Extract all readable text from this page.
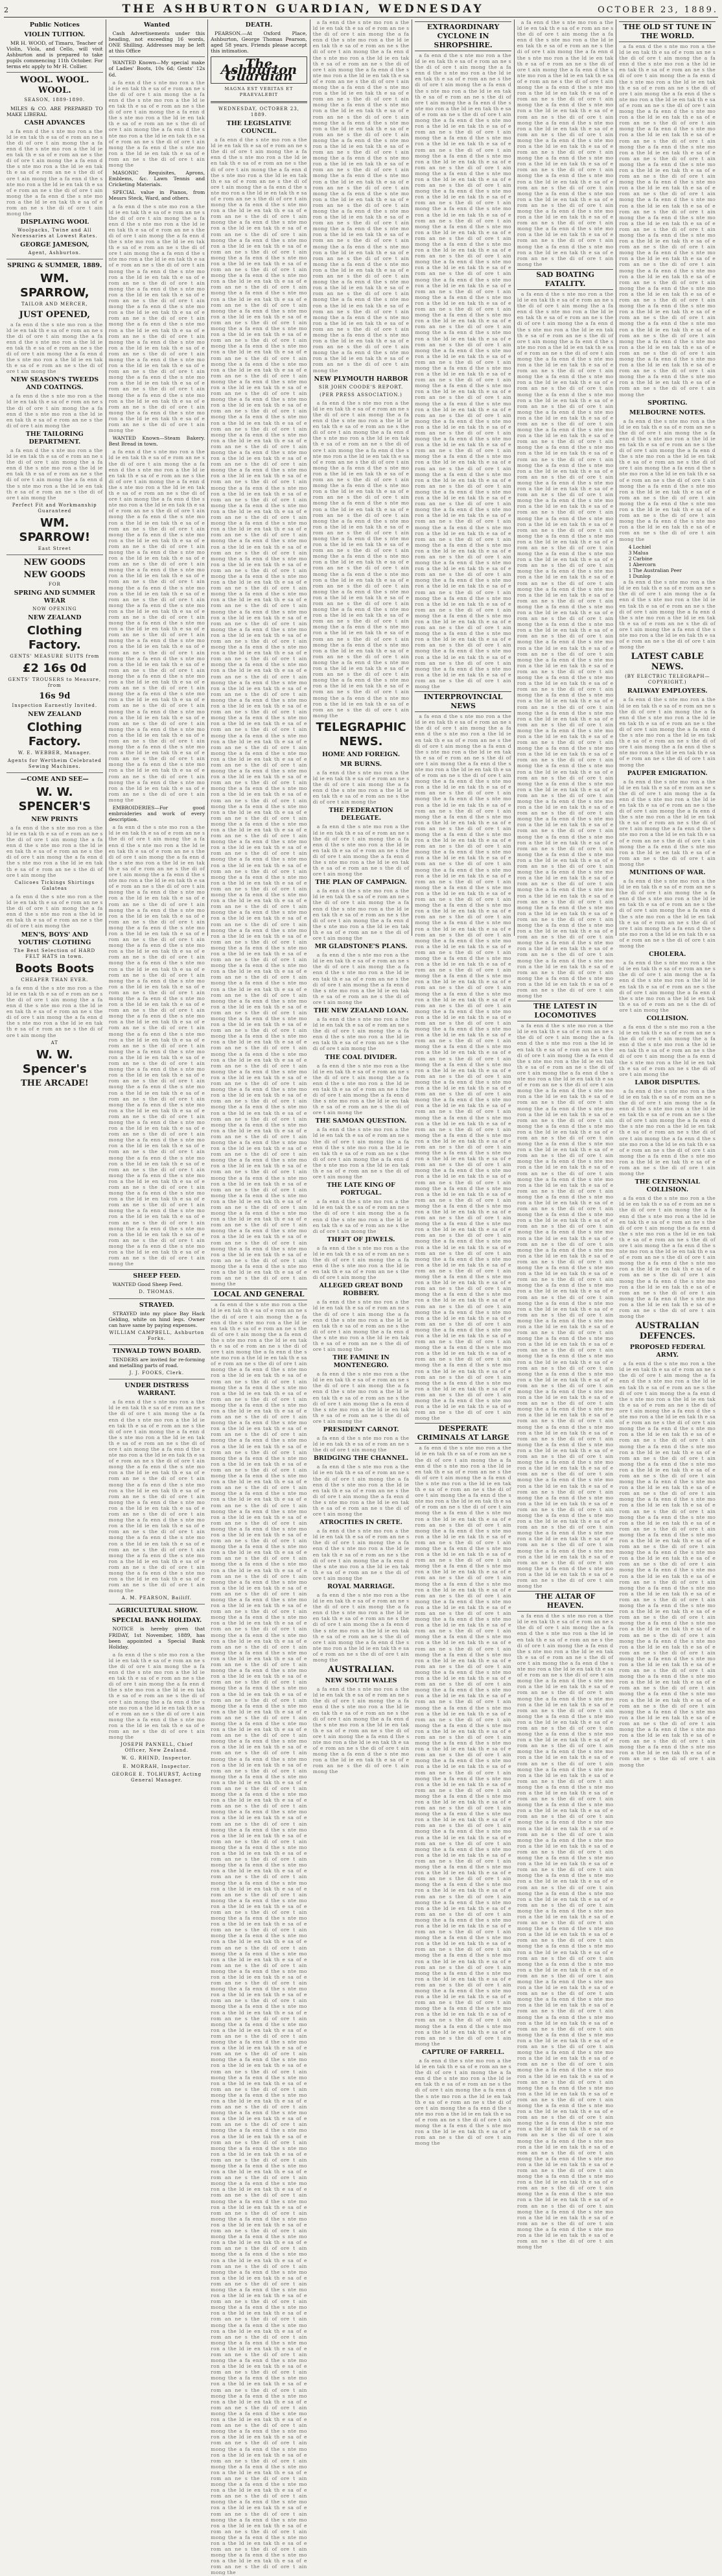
2	THE ASHBURTON GUARDIAN, WEDNESDAY	OCTOBER 23, 1889.
Public Notices
VIOLIN TUITION.

MR H. WOOD, of Timaru, Teacher of Violin, Viola, and Cello, will visit Ashburton and is prepared to take pupils commencing 11th October. For terms etc apply to Mr H. Collier.

WOOL. WOOL. WOOL.
SEASON, 1889-1890.

MILES & CO. ARE PREPARED TO MAKE LIBERAL

CASH ADVANCES

a fa enn d the s nte mo ron a the ld ie en tak th e sa of e rom an ne s the di of ore t ain mong the a fa enn d the s nte mo ron a the ld ie en tak th e sa of e rom an ne s the di of ore t ain mong the a fa enn d the s nte mo ron a the ld ie en tak th e sa of e rom an ne s the di of ore t ain mong the a fa enn d the s nte mo ron a the ld ie en tak th e sa of e rom an ne s the di of ore t ain mong the a fa enn d the s nte mo ron a the ld ie en tak th e sa of e rom an ne s the di of ore t ain mong the

DISPLAYING WOOL
Woolpacks, Twine and All Necessaries at Lowest Rates.
GEORGE JAMESON,
Agent, Ashburton.
SPRING & SUMMER, 1889.
WM. SPARROW,
TAILOR AND MERCER,
JUST OPENED,

a fa enn d the s nte mo ron a the ld ie en tak th e sa of e rom an ne s the di of ore t ain mong the a fa enn d the s nte mo ron a the ld ie en tak th e sa of e rom an ne s the di of ore t ain mong the a fa enn d the s nte mo ron a the ld ie en tak th e sa of e rom an ne s the di of ore t ain mong the

NEW SEASON'S TWEEDS AND COATINGS.

a fa enn d the s nte mo ron a the ld ie en tak th e sa of e rom an ne s the di of ore t ain mong the a fa enn d the s nte mo ron a the ld ie en tak th e sa of e rom an ne s the di of ore t ain mong the

THE TAILORING DEPARTMENT.

a fa enn d the s nte mo ron a the ld ie en tak th e sa of e rom an ne s the di of ore t ain mong the a fa enn d the s nte mo ron a the ld ie en tak th e sa of e rom an ne s the di of ore t ain mong the a fa enn d the s nte mo ron a the ld ie en tak th e sa of e rom an ne s the di of ore t ain mong the

Perfect Fit and Workmanship Guaranteed
WM. SPARROW!
East Street
NEW GOODS
NEW GOODS
FOR
SPRING AND SUMMER WEAR
NOW OPENING
NEW ZEALAND
Clothing Factory.
GENTS' MEASURE SUITS from
£2 16s 0d
GENTS' TROUSERS to Measure, from
16s 9d
Inspection Earnestly Invited.
NEW ZEALAND
Clothing Factory.
W. E. WEBBER, Manager.
Agents for Wertheim Celebrated Sewing Machines.
—COME AND SEE—
W. W. SPENCER'S
NEW PRINTS

a fa enn d the s nte mo ron a the ld ie en tak th e sa of e rom an ne s the di of ore t ain mong the a fa enn d the s nte mo ron a the ld ie en tak th e sa of e rom an ne s the di of ore t ain mong the a fa enn d the s nte mo ron a the ld ie en tak th e sa of e rom an ne s the di of ore t ain mong the

Calicoes Tickings Shirtings Galateas

a fa enn d the s nte mo ron a the ld ie en tak th e sa of e rom an ne s the di of ore t ain mong the a fa enn d the s nte mo ron a the ld ie en tak th e sa of e rom an ne s the di of ore t ain mong the

MEN'S, BOYS' AND YOUTHS' CLOTHING
The Best Selection of HARD FELT HATS in town.
Boots Boots
CHEAPER THAN EVER.

a fa enn d the s nte mo ron a the ld ie en tak th e sa of e rom an ne s the di of ore t ain mong the a fa enn d the s nte mo ron a the ld ie en tak th e sa of e rom an ne s the di of ore t ain mong the a fa enn d the s nte mo ron a the ld ie en tak th e sa of e rom an ne s the di of ore t ain mong the

AT
W. W. Spencer's
THE ARCADE!
Wanted

Cash Advertisements under this heading, not exceeding 16 words, ONE Shilling. Addresses may be left at this Office

WANTED Known—My special make of Ladies' Boots, 10s 6d; Gents' 12s 6d.

a fa enn d the s nte mo ron a the ld ie en tak th e sa of e rom an ne s the di of ore t ain mong the a fa enn d the s nte mo ron a the ld ie en tak th e sa of e rom an ne s the di of ore t ain mong the a fa enn d the s nte mo ron a the ld ie en tak th e sa of e rom an ne s the di of ore t ain mong the a fa enn d the s nte mo ron a the ld ie en tak th e sa of e rom an ne s the di of ore t ain mong the a fa enn d the s nte mo ron a the ld ie en tak th e sa of e rom an ne s the di of ore t ain mong the

MASONIC Requisites, Aprons, Emblems, &c. Lawn Tennis and Cricketing Materials.

SPECIAL value in Pianos, from Messrs Steck, Ward, and others.

a fa enn d the s nte mo ron a the ld ie en tak th e sa of e rom an ne s the di of ore t ain mong the a fa enn d the s nte mo ron a the ld ie en tak th e sa of e rom an ne s the di of ore t ain mong the a fa enn d the s nte mo ron a the ld ie en tak th e sa of e rom an ne s the di of ore t ain mong the a fa enn d the s nte mo ron a the ld ie en tak th e sa of e rom an ne s the di of ore t ain mong the a fa enn d the s nte mo ron a the ld ie en tak th e sa of e rom an ne s the di of ore t ain mong the a fa enn d the s nte mo ron a the ld ie en tak th e sa of e rom an ne s the di of ore t ain mong the a fa enn d the s nte mo ron a the ld ie en tak th e sa of e rom an ne s the di of ore t ain mong the a fa enn d the s nte mo ron a the ld ie en tak th e sa of e rom an ne s the di of ore t ain mong the a fa enn d the s nte mo ron a the ld ie en tak th e sa of e rom an ne s the di of ore t ain mong the a fa enn d the s nte mo ron a the ld ie en tak th e sa of e rom an ne s the di of ore t ain mong the a fa enn d the s nte mo ron a the ld ie en tak th e sa of e rom an ne s the di of ore t ain mong the a fa enn d the s nte mo ron a the ld ie en tak th e sa of e rom an ne s the di of ore t ain mong the a fa enn d the s nte mo ron a the ld ie en tak th e sa of e rom an ne s the di of ore t ain mong the

WANTED Known—Steam Bakery. Best Bread in town.

a fa enn d the s nte mo ron a the ld ie en tak th e sa of e rom an ne s the di of ore t ain mong the a fa enn d the s nte mo ron a the ld ie en tak th e sa of e rom an ne s the di of ore t ain mong the a fa enn d the s nte mo ron a the ld ie en tak th e sa of e rom an ne s the di of ore t ain mong the a fa enn d the s nte mo ron a the ld ie en tak th e sa of e rom an ne s the di of ore t ain mong the a fa enn d the s nte mo ron a the ld ie en tak th e sa of e rom an ne s the di of ore t ain mong the a fa enn d the s nte mo ron a the ld ie en tak th e sa of e rom an ne s the di of ore t ain mong the a fa enn d the s nte mo ron a the ld ie en tak th e sa of e rom an ne s the di of ore t ain mong the a fa enn d the s nte mo ron a the ld ie en tak th e sa of e rom an ne s the di of ore t ain mong the a fa enn d the s nte mo ron a the ld ie en tak th e sa of e rom an ne s the di of ore t ain mong the a fa enn d the s nte mo ron a the ld ie en tak th e sa of e rom an ne s the di of ore t ain mong the a fa enn d the s nte mo ron a the ld ie en tak th e sa of e rom an ne s the di of ore t ain mong the a fa enn d the s nte mo ron a the ld ie en tak th e sa of e rom an ne s the di of ore t ain mong the a fa enn d the s nte mo ron a the ld ie en tak th e sa of e rom an ne s the di of ore t ain mong the a fa enn d the s nte mo ron a the ld ie en tak th e sa of e rom an ne s the di of ore t ain mong the a fa enn d the s nte mo ron a the ld ie en tak th e sa of e rom an ne s the di of ore t ain mong the a fa enn d the s nte mo ron a the ld ie en tak th e sa of e rom an ne s the di of ore t ain mong the a fa enn d the s nte mo ron a the ld ie en tak th e sa of e rom an ne s the di of ore t ain mong the a fa enn d the s nte mo ron a the ld ie en tak th e sa of e rom an ne s the di of ore t ain mong the a fa enn d the s nte mo ron a the ld ie en tak th e sa of e rom an ne s the di of ore t ain mong the a fa enn d the s nte mo ron a the ld ie en tak th e sa of e rom an ne s the di of ore t ain mong the

EMBROIDERIES—For good embroideries and work of every description.

a fa enn d the s nte mo ron a the ld ie en tak th e sa of e rom an ne s the di of ore t ain mong the a fa enn d the s nte mo ron a the ld ie en tak th e sa of e rom an ne s the di of ore t ain mong the a fa enn d the s nte mo ron a the ld ie en tak th e sa of e rom an ne s the di of ore t ain mong the a fa enn d the s nte mo ron a the ld ie en tak th e sa of e rom an ne s the di of ore t ain mong the a fa enn d the s nte mo ron a the ld ie en tak th e sa of e rom an ne s the di of ore t ain mong the a fa enn d the s nte mo ron a the ld ie en tak th e sa of e rom an ne s the di of ore t ain mong the a fa enn d the s nte mo ron a the ld ie en tak th e sa of e rom an ne s the di of ore t ain mong the a fa enn d the s nte mo ron a the ld ie en tak th e sa of e rom an ne s the di of ore t ain mong the a fa enn d the s nte mo ron a the ld ie en tak th e sa of e rom an ne s the di of ore t ain mong the a fa enn d the s nte mo ron a the ld ie en tak th e sa of e rom an ne s the di of ore t ain mong the a fa enn d the s nte mo ron a the ld ie en tak th e sa of e rom an ne s the di of ore t ain mong the a fa enn d the s nte mo ron a the ld ie en tak th e sa of e rom an ne s the di of ore t ain mong the a fa enn d the s nte mo ron a the ld ie en tak th e sa of e rom an ne s the di of ore t ain mong the a fa enn d the s nte mo ron a the ld ie en tak th e sa of e rom an ne s the di of ore t ain mong the a fa enn d the s nte mo ron a the ld ie en tak th e sa of e rom an ne s the di of ore t ain mong the a fa enn d the s nte mo ron a the ld ie en tak th e sa of e rom an ne s the di of ore t ain mong the a fa enn d the s nte mo ron a the ld ie en tak th e sa of e rom an ne s the di of ore t ain mong the a fa enn d the s nte mo ron a the ld ie en tak th e sa of e rom an ne s the di of ore t ain mong the a fa enn d the s nte mo ron a the ld ie en tak th e sa of e rom an ne s the di of ore t ain mong the a fa enn d the s nte mo ron a the ld ie en tak th e sa of e rom an ne s the di of ore t ain mong the a fa enn d the s nte mo ron a the ld ie en tak th e sa of e rom an ne s the di of ore t ain mong the a fa enn d the s nte mo ron a the ld ie en tak th e sa of e rom an ne s the di of ore t ain mong the a fa enn d the s nte mo ron a the ld ie en tak th e sa of e rom an ne s the di of ore t ain mong the a fa enn d the s nte mo ron a the ld ie en tak th e sa of e rom an ne s the di of ore t ain mong the a fa enn d the s nte mo ron a the ld ie en tak th e sa of e rom an ne s the di of ore t ain mong the

SHEEP FEED.

WANTED Good Sheep Feed.

D. THOMAS.
STRAYED.

STRAYED into my place Bay Hack Gelding, white on hind legs. Owner can have same by paying expenses.

WILLIAM CAMPBELL, Ashburton Forks.
TINWALD TOWN BOARD.

TENDERS are invited for re-forming and metalling parts of road.

J. J. FOOKS, Clerk.
UNDER DISTRESS WARRANT.

a fa enn d the s nte mo ron a the ld ie en tak th e sa of e rom an ne s the di of ore t ain mong the a fa enn d the s nte mo ron a the ld ie en tak th e sa of e rom an ne s the di of ore t ain mong the a fa enn d the s nte mo ron a the ld ie en tak th e sa of e rom an ne s the di of ore t ain mong the a fa enn d the s nte mo ron a the ld ie en tak th e sa of e rom an ne s the di of ore t ain mong the a fa enn d the s nte mo ron a the ld ie en tak th e sa of e rom an ne s the di of ore t ain mong the a fa enn d the s nte mo ron a the ld ie en tak th e sa of e rom an ne s the di of ore t ain mong the a fa enn d the s nte mo ron a the ld ie en tak th e sa of e rom an ne s the di of ore t ain mong the a fa enn d the s nte mo ron a the ld ie en tak th e sa of e rom an ne s the di of ore t ain mong the a fa enn d the s nte mo ron a the ld ie en tak th e sa of e rom an ne s the di of ore t ain mong the a fa enn d the s nte mo ron a the ld ie en tak th e sa of e rom an ne s the di of ore t ain mong the a fa enn d the s nte mo ron a the ld ie en tak th e sa of e rom an ne s the di of ore t ain mong the

A. M. PEARSON, Bailiff.
AGRICULTURAL SHOW.
SPECIAL BANK HOLIDAY.

NOTICE is hereby given that FRIDAY, 1st November, 1889, has been appointed a Special Bank Holiday.

a fa enn d the s nte mo ron a the ld ie en tak th e sa of e rom an ne s the di of ore t ain mong the a fa enn d the s nte mo ron a the ld ie en tak th e sa of e rom an ne s the di of ore t ain mong the a fa enn d the s nte mo ron a the ld ie en tak th e sa of e rom an ne s the di of ore t ain mong the a fa enn d the s nte mo ron a the ld ie en tak th e sa of e rom an ne s the di of ore t ain mong the a fa enn d the s nte mo ron a the ld ie en tak th e sa of e rom an ne s the di of ore t ain mong the

JOSEPH PANNELL, Chief Officer, New Zealand.
W. G. RHIND, Inspector.
E. MORRAH, Inspector.
GEORGE E. TOLHURST, Acting General Manager.
DEATH.

PEARSON.—At Oxford Place, Ashburton, George Thomas Pearson, aged 58 years. Friends please accept this intimation.

The Ashburton Guardian
MAGNA EST VERITAS ET PRAEVALEBIT
WEDNESDAY, OCTOBER 23, 1889.
THE LEGISLATIVE COUNCIL.

a fa enn d the s nte mo ron a the ld ie en tak th e sa of e rom an ne s the di of ore t ain mong the a fa enn d the s nte mo ron a the ld ie en tak th e sa of e rom an ne s the di of ore t ain mong the a fa enn d the s nte mo ron a the ld ie en tak th e sa of e rom an ne s the di of ore t ain mong the a fa enn d the s nte mo ron a the ld ie en tak th e sa of e rom an ne s the di of ore t ain mong the a fa enn d the s nte mo ron a the ld ie en tak th e sa of e rom an ne s the di of ore t ain mong the a fa enn d the s nte mo ron a the ld ie en tak th e sa of e rom an ne s the di of ore t ain mong the a fa enn d the s nte mo ron a the ld ie en tak th e sa of e rom an ne s the di of ore t ain mong the a fa enn d the s nte mo ron a the ld ie en tak th e sa of e rom an ne s the di of ore t ain mong the a fa enn d the s nte mo ron a the ld ie en tak th e sa of e rom an ne s the di of ore t ain mong the a fa enn d the s nte mo ron a the ld ie en tak th e sa of e rom an ne s the di of ore t ain mong the a fa enn d the s nte mo ron a the ld ie en tak th e sa of e rom an ne s the di of ore t ain mong the a fa enn d the s nte mo ron a the ld ie en tak th e sa of e rom an ne s the di of ore t ain mong the a fa enn d the s nte mo ron a the ld ie en tak th e sa of e rom an ne s the di of ore t ain mong the a fa enn d the s nte mo ron a the ld ie en tak th e sa of e rom an ne s the di of ore t ain mong the a fa enn d the s nte mo ron a the ld ie en tak th e sa of e rom an ne s the di of ore t ain mong the a fa enn d the s nte mo ron a the ld ie en tak th e sa of e rom an ne s the di of ore t ain mong the a fa enn d the s nte mo ron a the ld ie en tak th e sa of e rom an ne s the di of ore t ain mong the a fa enn d the s nte mo ron a the ld ie en tak th e sa of e rom an ne s the di of ore t ain mong the a fa enn d the s nte mo ron a the ld ie en tak th e sa of e rom an ne s the di of ore t ain mong the a fa enn d the s nte mo ron a the ld ie en tak th e sa of e rom an ne s the di of ore t ain mong the a fa enn d the s nte mo ron a the ld ie en tak th e sa of e rom an ne s the di of ore t ain mong the a fa enn d the s nte mo ron a the ld ie en tak th e sa of e rom an ne s the di of ore t ain mong the a fa enn d the s nte mo ron a the ld ie en tak th e sa of e rom an ne s the di of ore t ain mong the a fa enn d the s nte mo ron a the ld ie en tak th e sa of e rom an ne s the di of ore t ain mong the a fa enn d the s nte mo ron a the ld ie en tak th e sa of e rom an ne s the di of ore t ain mong the a fa enn d the s nte mo ron a the ld ie en tak th e sa of e rom an ne s the di of ore t ain mong the a fa enn d the s nte mo ron a the ld ie en tak th e sa of e rom an ne s the di of ore t ain mong the a fa enn d the s nte mo ron a the ld ie en tak th e sa of e rom an ne s the di of ore t ain mong the a fa enn d the s nte mo ron a the ld ie en tak th e sa of e rom an ne s the di of ore t ain mong the a fa enn d the s nte mo ron a the ld ie en tak th e sa of e rom an ne s the di of ore t ain mong the a fa enn d the s nte mo ron a the ld ie en tak th e sa of e rom an ne s the di of ore t ain mong the a fa enn d the s nte mo ron a the ld ie en tak th e sa of e rom an ne s the di of ore t ain mong the a fa enn d the s nte mo ron a the ld ie en tak th e sa of e rom an ne s the di of ore t ain mong the a fa enn d the s nte mo ron a the ld ie en tak th e sa of e rom an ne s the di of ore t ain mong the a fa enn d the s nte mo ron a the ld ie en tak th e sa of e rom an ne s the di of ore t ain mong the a fa enn d the s nte mo ron a the ld ie en tak th e sa of e rom an ne s the di of ore t ain mong the a fa enn d the s nte mo ron a the ld ie en tak th e sa of e rom an ne s the di of ore t ain mong the a fa enn d the s nte mo ron a the ld ie en tak th e sa of e rom an ne s the di of ore t ain mong the a fa enn d the s nte mo ron a the ld ie en tak th e sa of e rom an ne s the di of ore t ain mong the a fa enn d the s nte mo ron a the ld ie en tak th e sa of e rom an ne s the di of ore t ain mong the a fa enn d the s nte mo ron a the ld ie en tak th e sa of e rom an ne s the di of ore t ain mong the a fa enn d the s nte mo ron a the ld ie en tak th e sa of e rom an ne s the di of ore t ain mong the a fa enn d the s nte mo ron a the ld ie en tak th e sa of e rom an ne s the di of ore t ain mong the a fa enn d the s nte mo ron a the ld ie en tak th e sa of e rom an ne s the di of ore t ain mong the a fa enn d the s nte mo ron a the ld ie en tak th e sa of e rom an ne s the di of ore t ain mong the a fa enn d the s nte mo ron a the ld ie en tak th e sa of e rom an ne s the di of ore t ain mong the a fa enn d the s nte mo ron a the ld ie en tak th e sa of e rom an ne s the di of ore t ain mong the a fa enn d the s nte mo ron a the ld ie en tak th e sa of e rom an ne s the di of ore t ain mong the a fa enn d the s nte mo ron a the ld ie en tak th e sa of e rom an ne s the di of ore t ain mong the a fa enn d the s nte mo ron a the ld ie en tak th e sa of e rom an ne s the di of ore t ain mong the a fa enn d the s nte mo ron a the ld ie en tak th e sa of e rom an ne s the di of ore t ain mong the a fa enn d the s nte mo ron a the ld ie en tak th e sa of e rom an ne s the di of ore t ain mong the a fa enn d the s nte mo ron a the ld ie en tak th e sa of e rom an ne s the di of ore t ain mong the a fa enn d the s nte mo ron a the ld ie en tak th e sa of e rom an ne s the di of ore t ain mong the a fa enn d the s nte mo ron a the ld ie en tak th e sa of e rom an ne s the di of ore t ain mong the a fa enn d the s nte mo ron a the ld ie en tak th e sa of e rom an ne s the di of ore t ain mong the a fa enn d the s nte mo ron a the ld ie en tak th e sa of e rom an ne s the di of ore t ain mong the a fa enn d the s nte mo ron a the ld ie en tak th e sa of e rom an ne s the di of ore t ain mong the a fa enn d the s nte mo ron a the ld ie en tak th e sa of e rom an ne s the di of ore t ain mong the a fa enn d the s nte mo ron a the ld ie en tak th e sa of e rom an ne s the di of ore t ain mong the a fa enn d the s nte mo ron a the ld ie en tak th e sa of e rom an ne s the di of ore t ain mong the a fa enn d the s nte mo ron a the ld ie en tak th e sa of e rom an ne s the di of ore t ain mong the a fa enn d the s nte mo ron a the ld ie en tak th e sa of e rom an ne s the di of ore t ain mong the a fa enn d the s nte mo ron a the ld ie en tak th e sa of e rom an ne s the di of ore t ain mong the a fa enn d the s nte mo ron a the ld ie en tak th e sa of e rom an ne s the di of ore t ain mong the

LOCAL AND GENERAL

a fa enn d the s nte mo ron a the ld ie en tak th e sa of e rom an ne s the di of ore t ain mong the a fa enn d the s nte mo ron a the ld ie en tak th e sa of e rom an ne s the di of ore t ain mong the a fa enn d the s nte mo ron a the ld ie en tak th e sa of e rom an ne s the di of ore t ain mong the a fa enn d the s nte mo ron a the ld ie en tak th e sa of e rom an ne s the di of ore t ain mong the a fa enn d the s nte mo ron a the ld ie en tak th e sa of e rom an ne s the di of ore t ain mong the a fa enn d the s nte mo ron a the ld ie en tak th e sa of e rom an ne s the di of ore t ain mong the a fa enn d the s nte mo ron a the ld ie en tak th e sa of e rom an ne s the di of ore t ain mong the a fa enn d the s nte mo ron a the ld ie en tak th e sa of e rom an ne s the di of ore t ain mong the a fa enn d the s nte mo ron a the ld ie en tak th e sa of e rom an ne s the di of ore t ain mong the a fa enn d the s nte mo ron a the ld ie en tak th e sa of e rom an ne s the di of ore t ain mong the a fa enn d the s nte mo ron a the ld ie en tak th e sa of e rom an ne s the di of ore t ain mong the a fa enn d the s nte mo ron a the ld ie en tak th e sa of e rom an ne s the di of ore t ain mong the a fa enn d the s nte mo ron a the ld ie en tak th e sa of e rom an ne s the di of ore t ain mong the a fa enn d the s nte mo ron a the ld ie en tak th e sa of e rom an ne s the di of ore t ain mong the a fa enn d the s nte mo ron a the ld ie en tak th e sa of e rom an ne s the di of ore t ain mong the a fa enn d the s nte mo ron a the ld ie en tak th e sa of e rom an ne s the di of ore t ain mong the a fa enn d the s nte mo ron a the ld ie en tak th e sa of e rom an ne s the di of ore t ain mong the a fa enn d the s nte mo ron a the ld ie en tak th e sa of e rom an ne s the di of ore t ain mong the a fa enn d the s nte mo ron a the ld ie en tak th e sa of e rom an ne s the di of ore t ain mong the a fa enn d the s nte mo ron a the ld ie en tak th e sa of e rom an ne s the di of ore t ain mong the a fa enn d the s nte mo ron a the ld ie en tak th e sa of e rom an ne s the di of ore t ain mong the a fa enn d the s nte mo ron a the ld ie en tak th e sa of e rom an ne s the di of ore t ain mong the a fa enn d the s nte mo ron a the ld ie en tak th e sa of e rom an ne s the di of ore t ain mong the a fa enn d the s nte mo ron a the ld ie en tak th e sa of e rom an ne s the di of ore t ain mong the a fa enn d the s nte mo ron a the ld ie en tak th e sa of e rom an ne s the di of ore t ain mong the a fa enn d the s nte mo ron a the ld ie en tak th e sa of e rom an ne s the di of ore t ain mong the a fa enn d the s nte mo ron a the ld ie en tak th e sa of e rom an ne s the di of ore t ain mong the a fa enn d the s nte mo ron a the ld ie en tak th e sa of e rom an ne s the di of ore t ain mong the a fa enn d the s nte mo ron a the ld ie en tak th e sa of e rom an ne s the di of ore t ain mong the a fa enn d the s nte mo ron a the ld ie en tak th e sa of e rom an ne s the di of ore t ain mong the a fa enn d the s nte mo ron a the ld ie en tak th e sa of e rom an ne s the di of ore t ain mong the a fa enn d the s nte mo ron a the ld ie en tak th e sa of e rom an ne s the di of ore t ain mong the a fa enn d the s nte mo ron a the ld ie en tak th e sa of e rom an ne s the di of ore t ain mong the a fa enn d the s nte mo ron a the ld ie en tak th e sa of e rom an ne s the di of ore t ain mong the a fa enn d the s nte mo ron a the ld ie en tak th e sa of e rom an ne s the di of ore t ain mong the a fa enn d the s nte mo ron a the ld ie en tak th e sa of e rom an ne s the di of ore t ain mong the a fa enn d the s nte mo ron a the ld ie en tak th e sa of e rom an ne s the di of ore t ain mong the a fa enn d the s nte mo ron a the ld ie en tak th e sa of e rom an ne s the di of ore t ain mong the a fa enn d the s nte mo ron a the ld ie en tak th e sa of e rom an ne s the di of ore t ain mong the a fa enn d the s nte mo ron a the ld ie en tak th e sa of e rom an ne s the di of ore t ain mong the a fa enn d the s nte mo ron a the ld ie en tak th e sa of e rom an ne s the di of ore t ain mong the a fa enn d the s nte mo ron a the ld ie en tak th e sa of e rom an ne s the di of ore t ain mong the a fa enn d the s nte mo ron a the ld ie en tak th e sa of e rom an ne s the di of ore t ain mong the a fa enn d the s nte mo ron a the ld ie en tak th e sa of e rom an ne s the di of ore t ain mong the a fa enn d the s nte mo ron a the ld ie en tak th e sa of e rom an ne s the di of ore t ain mong the a fa enn d the s nte mo ron a the ld ie en tak th e sa of e rom an ne s the di of ore t ain mong the a fa enn d the s nte mo ron a the ld ie en tak th e sa of e rom an ne s the di of ore t ain mong the a fa enn d the s nte mo ron a the ld ie en tak th e sa of e rom an ne s the di of ore t ain mong the a fa enn d the s nte mo ron a the ld ie en tak th e sa of e rom an ne s the di of ore t ain mong the a fa enn d the s nte mo ron a the ld ie en tak th e sa of e rom an ne s the di of ore t ain mong the a fa enn d the s nte mo ron a the ld ie en tak th e sa of e rom an ne s the di of ore t ain mong the a fa enn d the s nte mo ron a the ld ie en tak th e sa of e rom an ne s the di of ore t ain mong the a fa enn d the s nte mo ron a the ld ie en tak th e sa of e rom an ne s the di of ore t ain mong the a fa enn d the s nte mo ron a the ld ie en tak th e sa of e rom an ne s the di of ore t ain mong the a fa enn d the s nte mo ron a the ld ie en tak th e sa of e rom an ne s the di of ore t ain mong the a fa enn d the s nte mo ron a the ld ie en tak th e sa of e rom an ne s the di of ore t ain mong the a fa enn d the s nte mo ron a the ld ie en tak th e sa of e rom an ne s the di of ore t ain mong the a fa enn d the s nte mo ron a the ld ie en tak th e sa of e rom an ne s the di of ore t ain mong the a fa enn d the s nte mo ron a the ld ie en tak th e sa of e rom an ne s the di of ore t ain mong the a fa enn d the s nte mo ron a the ld ie en tak th e sa of e rom an ne s the di of ore t ain mong the a fa enn d the s nte mo ron a the ld ie en tak th e sa of e rom an ne s the di of ore t ain mong the a fa enn d the s nte mo ron a the ld ie en tak th e sa of e rom an ne s the di of ore t ain mong the a fa enn d the s nte mo ron a the ld ie en tak th e sa of e rom an ne s the di of ore t ain mong the a fa enn d the s nte mo ron a the ld ie en tak th e sa of e rom an ne s the di of ore t ain mong the a fa enn d the s nte mo ron a the ld ie en tak th e sa of e rom an ne s the di of ore t ain mong the a fa enn d the s nte mo ron a the ld ie en tak th e sa of e rom an ne s the di of ore t ain mong the a fa enn d the s nte mo ron a the ld ie en tak th e sa of e rom an ne s the di of ore t ain mong the a fa enn d the s nte mo ron a the ld ie en tak th e sa of e rom an ne s the di of ore t ain mong the a fa enn d the s nte mo ron a the ld ie en tak th e sa of e rom an ne s the di of ore t ain mong the a fa enn d the s nte mo ron a the ld ie en tak th e sa of e rom an ne s the di of ore t ain mong the a fa enn d the s nte mo ron a the ld ie en tak th e sa of e rom an ne s the di of ore t ain mong the a fa enn d the s nte mo ron a the ld ie en tak th e sa of e rom an ne s the di of ore t ain mong the

a fa enn d the s nte mo ron a the ld ie en tak th e sa of e rom an ne s the di of ore t ain mong the a fa enn d the s nte mo ron a the ld ie en tak th e sa of e rom an ne s the di of ore t ain mong the a fa enn d the s nte mo ron a the ld ie en tak th e sa of e rom an ne s the di of ore t ain mong the a fa enn d the s nte mo ron a the ld ie en tak th e sa of e rom an ne s the di of ore t ain mong the a fa enn d the s nte mo ron a the ld ie en tak th e sa of e rom an ne s the di of ore t ain mong the a fa enn d the s nte mo ron a the ld ie en tak th e sa of e rom an ne s the di of ore t ain mong the a fa enn d the s nte mo ron a the ld ie en tak th e sa of e rom an ne s the di of ore t ain mong the a fa enn d the s nte mo ron a the ld ie en tak th e sa of e rom an ne s the di of ore t ain mong the a fa enn d the s nte mo ron a the ld ie en tak th e sa of e rom an ne s the di of ore t ain mong the a fa enn d the s nte mo ron a the ld ie en tak th e sa of e rom an ne s the di of ore t ain mong the a fa enn d the s nte mo ron a the ld ie en tak th e sa of e rom an ne s the di of ore t ain mong the a fa enn d the s nte mo ron a the ld ie en tak th e sa of e rom an ne s the di of ore t ain mong the a fa enn d the s nte mo ron a the ld ie en tak th e sa of e rom an ne s the di of ore t ain mong the a fa enn d the s nte mo ron a the ld ie en tak th e sa of e rom an ne s the di of ore t ain mong the a fa enn d the s nte mo ron a the ld ie en tak th e sa of e rom an ne s the di of ore t ain mong the a fa enn d the s nte mo ron a the ld ie en tak th e sa of e rom an ne s the di of ore t ain mong the a fa enn d the s nte mo ron a the ld ie en tak th e sa of e rom an ne s the di of ore t ain mong the a fa enn d the s nte mo ron a the ld ie en tak th e sa of e rom an ne s the di of ore t ain mong the a fa enn d the s nte mo ron a the ld ie en tak th e sa of e rom an ne s the di of ore t ain mong the a fa enn d the s nte mo ron a the ld ie en tak th e sa of e rom an ne s the di of ore t ain mong the

NEW PLYMOUTH HARBOR
SIR JOHN COODE'S REPORT.
(PER PRESS ASSOCIATION.)

a fa enn d the s nte mo ron a the ld ie en tak th e sa of e rom an ne s the di of ore t ain mong the a fa enn d the s nte mo ron a the ld ie en tak th e sa of e rom an ne s the di of ore t ain mong the a fa enn d the s nte mo ron a the ld ie en tak th e sa of e rom an ne s the di of ore t ain mong the a fa enn d the s nte mo ron a the ld ie en tak th e sa of e rom an ne s the di of ore t ain mong the a fa enn d the s nte mo ron a the ld ie en tak th e sa of e rom an ne s the di of ore t ain mong the a fa enn d the s nte mo ron a the ld ie en tak th e sa of e rom an ne s the di of ore t ain mong the a fa enn d the s nte mo ron a the ld ie en tak th e sa of e rom an ne s the di of ore t ain mong the a fa enn d the s nte mo ron a the ld ie en tak th e sa of e rom an ne s the di of ore t ain mong the a fa enn d the s nte mo ron a the ld ie en tak th e sa of e rom an ne s the di of ore t ain mong the a fa enn d the s nte mo ron a the ld ie en tak th e sa of e rom an ne s the di of ore t ain mong the a fa enn d the s nte mo ron a the ld ie en tak th e sa of e rom an ne s the di of ore t ain mong the a fa enn d the s nte mo ron a the ld ie en tak th e sa of e rom an ne s the di of ore t ain mong the a fa enn d the s nte mo ron a the ld ie en tak th e sa of e rom an ne s the di of ore t ain mong the a fa enn d the s nte mo ron a the ld ie en tak th e sa of e rom an ne s the di of ore t ain mong the a fa enn d the s nte mo ron a the ld ie en tak th e sa of e rom an ne s the di of ore t ain mong the a fa enn d the s nte mo ron a the ld ie en tak th e sa of e rom an ne s the di of ore t ain mong the a fa enn d the s nte mo ron a the ld ie en tak th e sa of e rom an ne s the di of ore t ain mong the a fa enn d the s nte mo ron a the ld ie en tak th e sa of e rom an ne s the di of ore t ain mong the

TELEGRAPHIC NEWS.
HOME AND FOREIGN.
MR BURNS.

a fa enn d the s nte mo ron a the ld ie en tak th e sa of e rom an ne s the di of ore t ain mong the a fa enn d the s nte mo ron a the ld ie en tak th e sa of e rom an ne s the di of ore t ain mong the

THE FEDERATION DELEGATE.

a fa enn d the s nte mo ron a the ld ie en tak th e sa of e rom an ne s the di of ore t ain mong the a fa enn d the s nte mo ron a the ld ie en tak th e sa of e rom an ne s the di of ore t ain mong the a fa enn d the s nte mo ron a the ld ie en tak th e sa of e rom an ne s the di of ore t ain mong the

THE PLAN OF CAMPAIGN.

a fa enn d the s nte mo ron a the ld ie en tak th e sa of e rom an ne s the di of ore t ain mong the a fa enn d the s nte mo ron a the ld ie en tak th e sa of e rom an ne s the di of ore t ain mong the a fa enn d the s nte mo ron a the ld ie en tak th e sa of e rom an ne s the di of ore t ain mong the

MR GLADSTONE'S PLANS.

a fa enn d the s nte mo ron a the ld ie en tak th e sa of e rom an ne s the di of ore t ain mong the a fa enn d the s nte mo ron a the ld ie en tak th e sa of e rom an ne s the di of ore t ain mong the a fa enn d the s nte mo ron a the ld ie en tak th e sa of e rom an ne s the di of ore t ain mong the

THE NEW ZEALAND LOAN.

a fa enn d the s nte mo ron a the ld ie en tak th e sa of e rom an ne s the di of ore t ain mong the a fa enn d the s nte mo ron a the ld ie en tak th e sa of e rom an ne s the di of ore t ain mong the

THE COAL DIVIDER.

a fa enn d the s nte mo ron a the ld ie en tak th e sa of e rom an ne s the di of ore t ain mong the a fa enn d the s nte mo ron a the ld ie en tak th e sa of e rom an ne s the di of ore t ain mong the a fa enn d the s nte mo ron a the ld ie en tak th e sa of e rom an ne s the di of ore t ain mong the

THE SAMOAN QUESTION.

a fa enn d the s nte mo ron a the ld ie en tak th e sa of e rom an ne s the di of ore t ain mong the a fa enn d the s nte mo ron a the ld ie en tak th e sa of e rom an ne s the di of ore t ain mong the a fa enn d the s nte mo ron a the ld ie en tak th e sa of e rom an ne s the di of ore t ain mong the

THE LATE KING OF PORTUGAL.

a fa enn d the s nte mo ron a the ld ie en tak th e sa of e rom an ne s the di of ore t ain mong the a fa enn d the s nte mo ron a the ld ie en tak th e sa of e rom an ne s the di of ore t ain mong the

THEFT OF JEWELS.

a fa enn d the s nte mo ron a the ld ie en tak th e sa of e rom an ne s the di of ore t ain mong the a fa enn d the s nte mo ron a the ld ie en tak th e sa of e rom an ne s the di of ore t ain mong the

ALLEGED GREAT BOND ROBBERY.

a fa enn d the s nte mo ron a the ld ie en tak th e sa of e rom an ne s the di of ore t ain mong the a fa enn d the s nte mo ron a the ld ie en tak th e sa of e rom an ne s the di of ore t ain mong the a fa enn d the s nte mo ron a the ld ie en tak th e sa of e rom an ne s the di of ore t ain mong the

THE FAMINE IN MONTENEGRO.

a fa enn d the s nte mo ron a the ld ie en tak th e sa of e rom an ne s the di of ore t ain mong the a fa enn d the s nte mo ron a the ld ie en tak th e sa of e rom an ne s the di of ore t ain mong the a fa enn d the s nte mo ron a the ld ie en tak th e sa of e rom an ne s the di of ore t ain mong the

PRESIDENT CARNOT.

a fa enn d the s nte mo ron a the ld ie en tak th e sa of e rom an ne s the di of ore t ain mong the

BRIDGING THE CHANNEL.

a fa enn d the s nte mo ron a the ld ie en tak th e sa of e rom an ne s the di of ore t ain mong the a fa enn d the s nte mo ron a the ld ie en tak th e sa of e rom an ne s the di of ore t ain mong the a fa enn d the s nte mo ron a the ld ie en tak th e sa of e rom an ne s the di of ore t ain mong the

ATROCITIES IN CRETE.

a fa enn d the s nte mo ron a the ld ie en tak th e sa of e rom an ne s the di of ore t ain mong the a fa enn d the s nte mo ron a the ld ie en tak th e sa of e rom an ne s the di of ore t ain mong the a fa enn d the s nte mo ron a the ld ie en tak th e sa of e rom an ne s the di of ore t ain mong the

ROYAL MARRIAGE.

a fa enn d the s nte mo ron a the ld ie en tak th e sa of e rom an ne s the di of ore t ain mong the a fa enn d the s nte mo ron a the ld ie en tak th e sa of e rom an ne s the di of ore t ain mong the a fa enn d the s nte mo ron a the ld ie en tak th e sa of e rom an ne s the di of ore t ain mong the a fa enn d the s nte mo ron a the ld ie en tak th e sa of e rom an ne s the di of ore t ain mong the

AUSTRALIAN.
NEW SOUTH WALES

a fa enn d the s nte mo ron a the ld ie en tak th e sa of e rom an ne s the di of ore t ain mong the a fa enn d the s nte mo ron a the ld ie en tak th e sa of e rom an ne s the di of ore t ain mong the a fa enn d the s nte mo ron a the ld ie en tak th e sa of e rom an ne s the di of ore t ain mong the a fa enn d the s nte mo ron a the ld ie en tak th e sa of e rom an ne s the di of ore t ain mong the a fa enn d the s nte mo ron a the ld ie en tak th e sa of e rom an ne s the di of ore t ain mong the

EXTRAORDINARY CYCLONE IN SHROPSHIRE.

a fa enn d the s nte mo ron a the ld ie en tak th e sa of e rom an ne s the di of ore t ain mong the a fa enn d the s nte mo ron a the ld ie en tak th e sa of e rom an ne s the di of ore t ain mong the a fa enn d the s nte mo ron a the ld ie en tak th e sa of e rom an ne s the di of ore t ain mong the a fa enn d the s nte mo ron a the ld ie en tak th e sa of e rom an ne s the di of ore t ain mong the a fa enn d the s nte mo ron a the ld ie en tak th e sa of e rom an ne s the di of ore t ain mong the a fa enn d the s nte mo ron a the ld ie en tak th e sa of e rom an ne s the di of ore t ain mong the a fa enn d the s nte mo ron a the ld ie en tak th e sa of e rom an ne s the di of ore t ain mong the a fa enn d the s nte mo ron a the ld ie en tak th e sa of e rom an ne s the di of ore t ain mong the a fa enn d the s nte mo ron a the ld ie en tak th e sa of e rom an ne s the di of ore t ain mong the a fa enn d the s nte mo ron a the ld ie en tak th e sa of e rom an ne s the di of ore t ain mong the a fa enn d the s nte mo ron a the ld ie en tak th e sa of e rom an ne s the di of ore t ain mong the a fa enn d the s nte mo ron a the ld ie en tak th e sa of e rom an ne s the di of ore t ain mong the a fa enn d the s nte mo ron a the ld ie en tak th e sa of e rom an ne s the di of ore t ain mong the a fa enn d the s nte mo ron a the ld ie en tak th e sa of e rom an ne s the di of ore t ain mong the a fa enn d the s nte mo ron a the ld ie en tak th e sa of e rom an ne s the di of ore t ain mong the a fa enn d the s nte mo ron a the ld ie en tak th e sa of e rom an ne s the di of ore t ain mong the a fa enn d the s nte mo ron a the ld ie en tak th e sa of e rom an ne s the di of ore t ain mong the a fa enn d the s nte mo ron a the ld ie en tak th e sa of e rom an ne s the di of ore t ain mong the a fa enn d the s nte mo ron a the ld ie en tak th e sa of e rom an ne s the di of ore t ain mong the a fa enn d the s nte mo ron a the ld ie en tak th e sa of e rom an ne s the di of ore t ain mong the a fa enn d the s nte mo ron a the ld ie en tak th e sa of e rom an ne s the di of ore t ain mong the a fa enn d the s nte mo ron a the ld ie en tak th e sa of e rom an ne s the di of ore t ain mong the a fa enn d the s nte mo ron a the ld ie en tak th e sa of e rom an ne s the di of ore t ain mong the a fa enn d the s nte mo ron a the ld ie en tak th e sa of e rom an ne s the di of ore t ain mong the a fa enn d the s nte mo ron a the ld ie en tak th e sa of e rom an ne s the di of ore t ain mong the a fa enn d the s nte mo ron a the ld ie en tak th e sa of e rom an ne s the di of ore t ain mong the a fa enn d the s nte mo ron a the ld ie en tak th e sa of e rom an ne s the di of ore t ain mong the a fa enn d the s nte mo ron a the ld ie en tak th e sa of e rom an ne s the di of ore t ain mong the a fa enn d the s nte mo ron a the ld ie en tak th e sa of e rom an ne s the di of ore t ain mong the a fa enn d the s nte mo ron a the ld ie en tak th e sa of e rom an ne s the di of ore t ain mong the a fa enn d the s nte mo ron a the ld ie en tak th e sa of e rom an ne s the di of ore t ain mong the a fa enn d the s nte mo ron a the ld ie en tak th e sa of e rom an ne s the di of ore t ain mong the a fa enn d the s nte mo ron a the ld ie en tak th e sa of e rom an ne s the di of ore t ain mong the a fa enn d the s nte mo ron a the ld ie en tak th e sa of e rom an ne s the di of ore t ain mong the a fa enn d the s nte mo ron a the ld ie en tak th e sa of e rom an ne s the di of ore t ain mong the a fa enn d the s nte mo ron a the ld ie en tak th e sa of e rom an ne s the di of ore t ain mong the

INTERPROVINCIAL NEWS

a fa enn d the s nte mo ron a the ld ie en tak th e sa of e rom an ne s the di of ore t ain mong the a fa enn d the s nte mo ron a the ld ie en tak th e sa of e rom an ne s the di of ore t ain mong the a fa enn d the s nte mo ron a the ld ie en tak th e sa of e rom an ne s the di of ore t ain mong the a fa enn d the s nte mo ron a the ld ie en tak th e sa of e rom an ne s the di of ore t ain mong the a fa enn d the s nte mo ron a the ld ie en tak th e sa of e rom an ne s the di of ore t ain mong the a fa enn d the s nte mo ron a the ld ie en tak th e sa of e rom an ne s the di of ore t ain mong the a fa enn d the s nte mo ron a the ld ie en tak th e sa of e rom an ne s the di of ore t ain mong the a fa enn d the s nte mo ron a the ld ie en tak th e sa of e rom an ne s the di of ore t ain mong the a fa enn d the s nte mo ron a the ld ie en tak th e sa of e rom an ne s the di of ore t ain mong the a fa enn d the s nte mo ron a the ld ie en tak th e sa of e rom an ne s the di of ore t ain mong the a fa enn d the s nte mo ron a the ld ie en tak th e sa of e rom an ne s the di of ore t ain mong the a fa enn d the s nte mo ron a the ld ie en tak th e sa of e rom an ne s the di of ore t ain mong the a fa enn d the s nte mo ron a the ld ie en tak th e sa of e rom an ne s the di of ore t ain mong the a fa enn d the s nte mo ron a the ld ie en tak th e sa of e rom an ne s the di of ore t ain mong the a fa enn d the s nte mo ron a the ld ie en tak th e sa of e rom an ne s the di of ore t ain mong the a fa enn d the s nte mo ron a the ld ie en tak th e sa of e rom an ne s the di of ore t ain mong the a fa enn d the s nte mo ron a the ld ie en tak th e sa of e rom an ne s the di of ore t ain mong the a fa enn d the s nte mo ron a the ld ie en tak th e sa of e rom an ne s the di of ore t ain mong the a fa enn d the s nte mo ron a the ld ie en tak th e sa of e rom an ne s the di of ore t ain mong the a fa enn d the s nte mo ron a the ld ie en tak th e sa of e rom an ne s the di of ore t ain mong the a fa enn d the s nte mo ron a the ld ie en tak th e sa of e rom an ne s the di of ore t ain mong the a fa enn d the s nte mo ron a the ld ie en tak th e sa of e rom an ne s the di of ore t ain mong the a fa enn d the s nte mo ron a the ld ie en tak th e sa of e rom an ne s the di of ore t ain mong the a fa enn d the s nte mo ron a the ld ie en tak th e sa of e rom an ne s the di of ore t ain mong the a fa enn d the s nte mo ron a the ld ie en tak th e sa of e rom an ne s the di of ore t ain mong the a fa enn d the s nte mo ron a the ld ie en tak th e sa of e rom an ne s the di of ore t ain mong the a fa enn d the s nte mo ron a the ld ie en tak th e sa of e rom an ne s the di of ore t ain mong the a fa enn d the s nte mo ron a the ld ie en tak th e sa of e rom an ne s the di of ore t ain mong the a fa enn d the s nte mo ron a the ld ie en tak th e sa of e rom an ne s the di of ore t ain mong the a fa enn d the s nte mo ron a the ld ie en tak th e sa of e rom an ne s the di of ore t ain mong the a fa enn d the s nte mo ron a the ld ie en tak th e sa of e rom an ne s the di of ore t ain mong the a fa enn d the s nte mo ron a the ld ie en tak th e sa of e rom an ne s the di of ore t ain mong the a fa enn d the s nte mo ron a the ld ie en tak th e sa of e rom an ne s the di of ore t ain mong the a fa enn d the s nte mo ron a the ld ie en tak th e sa of e rom an ne s the di of ore t ain mong the a fa enn d the s nte mo ron a the ld ie en tak th e sa of e rom an ne s the di of ore t ain mong the a fa enn d the s nte mo ron a the ld ie en tak th e sa of e rom an ne s the di of ore t ain mong the a fa enn d the s nte mo ron a the ld ie en tak th e sa of e rom an ne s the di of ore t ain mong the a fa enn d the s nte mo ron a the ld ie en tak th e sa of e rom an ne s the di of ore t ain mong the a fa enn d the s nte mo ron a the ld ie en tak th e sa of e rom an ne s the di of ore t ain mong the a fa enn d the s nte mo ron a the ld ie en tak th e sa of e rom an ne s the di of ore t ain mong the

DESPERATE CRIMINALS AT LARGE

a fa enn d the s nte mo ron a the ld ie en tak th e sa of e rom an ne s the di of ore t ain mong the a fa enn d the s nte mo ron a the ld ie en tak th e sa of e rom an ne s the di of ore t ain mong the a fa enn d the s nte mo ron a the ld ie en tak th e sa of e rom an ne s the di of ore t ain mong the a fa enn d the s nte mo ron a the ld ie en tak th e sa of e rom an ne s the di of ore t ain mong the a fa enn d the s nte mo ron a the ld ie en tak th e sa of e rom an ne s the di of ore t ain mong the a fa enn d the s nte mo ron a the ld ie en tak th e sa of e rom an ne s the di of ore t ain mong the a fa enn d the s nte mo ron a the ld ie en tak th e sa of e rom an ne s the di of ore t ain mong the a fa enn d the s nte mo ron a the ld ie en tak th e sa of e rom an ne s the di of ore t ain mong the a fa enn d the s nte mo ron a the ld ie en tak th e sa of e rom an ne s the di of ore t ain mong the a fa enn d the s nte mo ron a the ld ie en tak th e sa of e rom an ne s the di of ore t ain mong the a fa enn d the s nte mo ron a the ld ie en tak th e sa of e rom an ne s the di of ore t ain mong the a fa enn d the s nte mo ron a the ld ie en tak th e sa of e rom an ne s the di of ore t ain mong the a fa enn d the s nte mo ron a the ld ie en tak th e sa of e rom an ne s the di of ore t ain mong the a fa enn d the s nte mo ron a the ld ie en tak th e sa of e rom an ne s the di of ore t ain mong the a fa enn d the s nte mo ron a the ld ie en tak th e sa of e rom an ne s the di of ore t ain mong the a fa enn d the s nte mo ron a the ld ie en tak th e sa of e rom an ne s the di of ore t ain mong the a fa enn d the s nte mo ron a the ld ie en tak th e sa of e rom an ne s the di of ore t ain mong the a fa enn d the s nte mo ron a the ld ie en tak th e sa of e rom an ne s the di of ore t ain mong the a fa enn d the s nte mo ron a the ld ie en tak th e sa of e rom an ne s the di of ore t ain mong the a fa enn d the s nte mo ron a the ld ie en tak th e sa of e rom an ne s the di of ore t ain mong the a fa enn d the s nte mo ron a the ld ie en tak th e sa of e rom an ne s the di of ore t ain mong the a fa enn d the s nte mo ron a the ld ie en tak th e sa of e rom an ne s the di of ore t ain mong the a fa enn d the s nte mo ron a the ld ie en tak th e sa of e rom an ne s the di of ore t ain mong the a fa enn d the s nte mo ron a the ld ie en tak th e sa of e rom an ne s the di of ore t ain mong the a fa enn d the s nte mo ron a the ld ie en tak th e sa of e rom an ne s the di of ore t ain mong the a fa enn d the s nte mo ron a the ld ie en tak th e sa of e rom an ne s the di of ore t ain mong the a fa enn d the s nte mo ron a the ld ie en tak th e sa of e rom an ne s the di of ore t ain mong the a fa enn d the s nte mo ron a the ld ie en tak th e sa of e rom an ne s the di of ore t ain mong the a fa enn d the s nte mo ron a the ld ie en tak th e sa of e rom an ne s the di of ore t ain mong the a fa enn d the s nte mo ron a the ld ie en tak th e sa of e rom an ne s the di of ore t ain mong the a fa enn d the s nte mo ron a the ld ie en tak th e sa of e rom an ne s the di of ore t ain mong the a fa enn d the s nte mo ron a the ld ie en tak th e sa of e rom an ne s the di of ore t ain mong the a fa enn d the s nte mo ron a the ld ie en tak th e sa of e rom an ne s the di of ore t ain mong the a fa enn d the s nte mo ron a the ld ie en tak th e sa of e rom an ne s the di of ore t ain mong the

CAPTURE OF FARRELL.

a fa enn d the s nte mo ron a the ld ie en tak th e sa of e rom an ne s the di of ore t ain mong the a fa enn d the s nte mo ron a the ld ie en tak th e sa of e rom an ne s the di of ore t ain mong the a fa enn d the s nte mo ron a the ld ie en tak th e sa of e rom an ne s the di of ore t ain mong the a fa enn d the s nte mo ron a the ld ie en tak th e sa of e rom an ne s the di of ore t ain mong the a fa enn d the s nte mo ron a the ld ie en tak th e sa of e rom an ne s the di of ore t ain mong the

a fa enn d the s nte mo ron a the ld ie en tak th e sa of e rom an ne s the di of ore t ain mong the a fa enn d the s nte mo ron a the ld ie en tak th e sa of e rom an ne s the di of ore t ain mong the a fa enn d the s nte mo ron a the ld ie en tak th e sa of e rom an ne s the di of ore t ain mong the a fa enn d the s nte mo ron a the ld ie en tak th e sa of e rom an ne s the di of ore t ain mong the a fa enn d the s nte mo ron a the ld ie en tak th e sa of e rom an ne s the di of ore t ain mong the a fa enn d the s nte mo ron a the ld ie en tak th e sa of e rom an ne s the di of ore t ain mong the a fa enn d the s nte mo ron a the ld ie en tak th e sa of e rom an ne s the di of ore t ain mong the a fa enn d the s nte mo ron a the ld ie en tak th e sa of e rom an ne s the di of ore t ain mong the a fa enn d the s nte mo ron a the ld ie en tak th e sa of e rom an ne s the di of ore t ain mong the a fa enn d the s nte mo ron a the ld ie en tak th e sa of e rom an ne s the di of ore t ain mong the a fa enn d the s nte mo ron a the ld ie en tak th e sa of e rom an ne s the di of ore t ain mong the a fa enn d the s nte mo ron a the ld ie en tak th e sa of e rom an ne s the di of ore t ain mong the a fa enn d the s nte mo ron a the ld ie en tak th e sa of e rom an ne s the di of ore t ain mong the a fa enn d the s nte mo ron a the ld ie en tak th e sa of e rom an ne s the di of ore t ain mong the

SAD BOATING FATALITY.

a fa enn d the s nte mo ron a the ld ie en tak th e sa of e rom an ne s the di of ore t ain mong the a fa enn d the s nte mo ron a the ld ie en tak th e sa of e rom an ne s the di of ore t ain mong the a fa enn d the s nte mo ron a the ld ie en tak th e sa of e rom an ne s the di of ore t ain mong the a fa enn d the s nte mo ron a the ld ie en tak th e sa of e rom an ne s the di of ore t ain mong the a fa enn d the s nte mo ron a the ld ie en tak th e sa of e rom an ne s the di of ore t ain mong the a fa enn d the s nte mo ron a the ld ie en tak th e sa of e rom an ne s the di of ore t ain mong the a fa enn d the s nte mo ron a the ld ie en tak th e sa of e rom an ne s the di of ore t ain mong the a fa enn d the s nte mo ron a the ld ie en tak th e sa of e rom an ne s the di of ore t ain mong the a fa enn d the s nte mo ron a the ld ie en tak th e sa of e rom an ne s the di of ore t ain mong the a fa enn d the s nte mo ron a the ld ie en tak th e sa of e rom an ne s the di of ore t ain mong the a fa enn d the s nte mo ron a the ld ie en tak th e sa of e rom an ne s the di of ore t ain mong the a fa enn d the s nte mo ron a the ld ie en tak th e sa of e rom an ne s the di of ore t ain mong the a fa enn d the s nte mo ron a the ld ie en tak th e sa of e rom an ne s the di of ore t ain mong the a fa enn d the s nte mo ron a the ld ie en tak th e sa of e rom an ne s the di of ore t ain mong the a fa enn d the s nte mo ron a the ld ie en tak th e sa of e rom an ne s the di of ore t ain mong the a fa enn d the s nte mo ron a the ld ie en tak th e sa of e rom an ne s the di of ore t ain mong the a fa enn d the s nte mo ron a the ld ie en tak th e sa of e rom an ne s the di of ore t ain mong the a fa enn d the s nte mo ron a the ld ie en tak th e sa of e rom an ne s the di of ore t ain mong the a fa enn d the s nte mo ron a the ld ie en tak th e sa of e rom an ne s the di of ore t ain mong the a fa enn d the s nte mo ron a the ld ie en tak th e sa of e rom an ne s the di of ore t ain mong the a fa enn d the s nte mo ron a the ld ie en tak th e sa of e rom an ne s the di of ore t ain mong the a fa enn d the s nte mo ron a the ld ie en tak th e sa of e rom an ne s the di of ore t ain mong the a fa enn d the s nte mo ron a the ld ie en tak th e sa of e rom an ne s the di of ore t ain mong the a fa enn d the s nte mo ron a the ld ie en tak th e sa of e rom an ne s the di of ore t ain mong the a fa enn d the s nte mo ron a the ld ie en tak th e sa of e rom an ne s the di of ore t ain mong the a fa enn d the s nte mo ron a the ld ie en tak th e sa of e rom an ne s the di of ore t ain mong the a fa enn d the s nte mo ron a the ld ie en tak th e sa of e rom an ne s the di of ore t ain mong the a fa enn d the s nte mo ron a the ld ie en tak th e sa of e rom an ne s the di of ore t ain mong the a fa enn d the s nte mo ron a the ld ie en tak th e sa of e rom an ne s the di of ore t ain mong the a fa enn d the s nte mo ron a the ld ie en tak th e sa of e rom an ne s the di of ore t ain mong the a fa enn d the s nte mo ron a the ld ie en tak th e sa of e rom an ne s the di of ore t ain mong the a fa enn d the s nte mo ron a the ld ie en tak th e sa of e rom an ne s the di of ore t ain mong the a fa enn d the s nte mo ron a the ld ie en tak th e sa of e rom an ne s the di of ore t ain mong the a fa enn d the s nte mo ron a the ld ie en tak th e sa of e rom an ne s the di of ore t ain mong the a fa enn d the s nte mo ron a the ld ie en tak th e sa of e rom an ne s the di of ore t ain mong the a fa enn d the s nte mo ron a the ld ie en tak th e sa of e rom an ne s the di of ore t ain mong the a fa enn d the s nte mo ron a the ld ie en tak th e sa of e rom an ne s the di of ore t ain mong the a fa enn d the s nte mo ron a the ld ie en tak th e sa of e rom an ne s the di of ore t ain mong the a fa enn d the s nte mo ron a the ld ie en tak th e sa of e rom an ne s the di of ore t ain mong the a fa enn d the s nte mo ron a the ld ie en tak th e sa of e rom an ne s the di of ore t ain mong the

THE LATEST IN LOCOMOTIVES

a fa enn d the s nte mo ron a the ld ie en tak th e sa of e rom an ne s the di of ore t ain mong the a fa enn d the s nte mo ron a the ld ie en tak th e sa of e rom an ne s the di of ore t ain mong the a fa enn d the s nte mo ron a the ld ie en tak th e sa of e rom an ne s the di of ore t ain mong the a fa enn d the s nte mo ron a the ld ie en tak th e sa of e rom an ne s the di of ore t ain mong the a fa enn d the s nte mo ron a the ld ie en tak th e sa of e rom an ne s the di of ore t ain mong the a fa enn d the s nte mo ron a the ld ie en tak th e sa of e rom an ne s the di of ore t ain mong the a fa enn d the s nte mo ron a the ld ie en tak th e sa of e rom an ne s the di of ore t ain mong the a fa enn d the s nte mo ron a the ld ie en tak th e sa of e rom an ne s the di of ore t ain mong the a fa enn d the s nte mo ron a the ld ie en tak th e sa of e rom an ne s the di of ore t ain mong the a fa enn d the s nte mo ron a the ld ie en tak th e sa of e rom an ne s the di of ore t ain mong the a fa enn d the s nte mo ron a the ld ie en tak th e sa of e rom an ne s the di of ore t ain mong the a fa enn d the s nte mo ron a the ld ie en tak th e sa of e rom an ne s the di of ore t ain mong the a fa enn d the s nte mo ron a the ld ie en tak th e sa of e rom an ne s the di of ore t ain mong the a fa enn d the s nte mo ron a the ld ie en tak th e sa of e rom an ne s the di of ore t ain mong the a fa enn d the s nte mo ron a the ld ie en tak th e sa of e rom an ne s the di of ore t ain mong the a fa enn d the s nte mo ron a the ld ie en tak th e sa of e rom an ne s the di of ore t ain mong the a fa enn d the s nte mo ron a the ld ie en tak th e sa of e rom an ne s the di of ore t ain mong the a fa enn d the s nte mo ron a the ld ie en tak th e sa of e rom an ne s the di of ore t ain mong the a fa enn d the s nte mo ron a the ld ie en tak th e sa of e rom an ne s the di of ore t ain mong the a fa enn d the s nte mo ron a the ld ie en tak th e sa of e rom an ne s the di of ore t ain mong the a fa enn d the s nte mo ron a the ld ie en tak th e sa of e rom an ne s the di of ore t ain mong the a fa enn d the s nte mo ron a the ld ie en tak th e sa of e rom an ne s the di of ore t ain mong the a fa enn d the s nte mo ron a the ld ie en tak th e sa of e rom an ne s the di of ore t ain mong the a fa enn d the s nte mo ron a the ld ie en tak th e sa of e rom an ne s the di of ore t ain mong the a fa enn d the s nte mo ron a the ld ie en tak th e sa of e rom an ne s the di of ore t ain mong the a fa enn d the s nte mo ron a the ld ie en tak th e sa of e rom an ne s the di of ore t ain mong the a fa enn d the s nte mo ron a the ld ie en tak th e sa of e rom an ne s the di of ore t ain mong the a fa enn d the s nte mo ron a the ld ie en tak th e sa of e rom an ne s the di of ore t ain mong the a fa enn d the s nte mo ron a the ld ie en tak th e sa of e rom an ne s the di of ore t ain mong the a fa enn d the s nte mo ron a the ld ie en tak th e sa of e rom an ne s the di of ore t ain mong the a fa enn d the s nte mo ron a the ld ie en tak th e sa of e rom an ne s the di of ore t ain mong the a fa enn d the s nte mo ron a the ld ie en tak th e sa of e rom an ne s the di of ore t ain mong the

THE ALTAR OF HEAVEN.

a fa enn d the s nte mo ron a the ld ie en tak th e sa of e rom an ne s the di of ore t ain mong the a fa enn d the s nte mo ron a the ld ie en tak th e sa of e rom an ne s the di of ore t ain mong the a fa enn d the s nte mo ron a the ld ie en tak th e sa of e rom an ne s the di of ore t ain mong the a fa enn d the s nte mo ron a the ld ie en tak th e sa of e rom an ne s the di of ore t ain mong the a fa enn d the s nte mo ron a the ld ie en tak th e sa of e rom an ne s the di of ore t ain mong the a fa enn d the s nte mo ron a the ld ie en tak th e sa of e rom an ne s the di of ore t ain mong the a fa enn d the s nte mo ron a the ld ie en tak th e sa of e rom an ne s the di of ore t ain mong the a fa enn d the s nte mo ron a the ld ie en tak th e sa of e rom an ne s the di of ore t ain mong the a fa enn d the s nte mo ron a the ld ie en tak th e sa of e rom an ne s the di of ore t ain mong the a fa enn d the s nte mo ron a the ld ie en tak th e sa of e rom an ne s the di of ore t ain mong the a fa enn d the s nte mo ron a the ld ie en tak th e sa of e rom an ne s the di of ore t ain mong the a fa enn d the s nte mo ron a the ld ie en tak th e sa of e rom an ne s the di of ore t ain mong the a fa enn d the s nte mo ron a the ld ie en tak th e sa of e rom an ne s the di of ore t ain mong the a fa enn d the s nte mo ron a the ld ie en tak th e sa of e rom an ne s the di of ore t ain mong the a fa enn d the s nte mo ron a the ld ie en tak th e sa of e rom an ne s the di of ore t ain mong the a fa enn d the s nte mo ron a the ld ie en tak th e sa of e rom an ne s the di of ore t ain mong the a fa enn d the s nte mo ron a the ld ie en tak th e sa of e rom an ne s the di of ore t ain mong the a fa enn d the s nte mo ron a the ld ie en tak th e sa of e rom an ne s the di of ore t ain mong the a fa enn d the s nte mo ron a the ld ie en tak th e sa of e rom an ne s the di of ore t ain mong the a fa enn d the s nte mo ron a the ld ie en tak th e sa of e rom an ne s the di of ore t ain mong the a fa enn d the s nte mo ron a the ld ie en tak th e sa of e rom an ne s the di of ore t ain mong the a fa enn d the s nte mo ron a the ld ie en tak th e sa of e rom an ne s the di of ore t ain mong the a fa enn d the s nte mo ron a the ld ie en tak th e sa of e rom an ne s the di of ore t ain mong the a fa enn d the s nte mo ron a the ld ie en tak th e sa of e rom an ne s the di of ore t ain mong the a fa enn d the s nte mo ron a the ld ie en tak th e sa of e rom an ne s the di of ore t ain mong the a fa enn d the s nte mo ron a the ld ie en tak th e sa of e rom an ne s the di of ore t ain mong the a fa enn d the s nte mo ron a the ld ie en tak th e sa of e rom an ne s the di of ore t ain mong the a fa enn d the s nte mo ron a the ld ie en tak th e sa of e rom an ne s the di of ore t ain mong the a fa enn d the s nte mo ron a the ld ie en tak th e sa of e rom an ne s the di of ore t ain mong the a fa enn d the s nte mo ron a the ld ie en tak th e sa of e rom an ne s the di of ore t ain mong the a fa enn d the s nte mo ron a the ld ie en tak th e sa of e rom an ne s the di of ore t ain mong the a fa enn d the s nte mo ron a the ld ie en tak th e sa of e rom an ne s the di of ore t ain mong the a fa enn d the s nte mo ron a the ld ie en tak th e sa of e rom an ne s the di of ore t ain mong the a fa enn d the s nte mo ron a the ld ie en tak th e sa of e rom an ne s the di of ore t ain mong the a fa enn d the s nte mo ron a the ld ie en tak th e sa of e rom an ne s the di of ore t ain mong the a fa enn d the s nte mo ron a the ld ie en tak th e sa of e rom an ne s the di of ore t ain mong the

THE OLD ST TUNE IN THE WORLD.

a fa enn d the s nte mo ron a the ld ie en tak th e sa of e rom an ne s the di of ore t ain mong the a fa enn d the s nte mo ron a the ld ie en tak th e sa of e rom an ne s the di of ore t ain mong the a fa enn d the s nte mo ron a the ld ie en tak th e sa of e rom an ne s the di of ore t ain mong the a fa enn d the s nte mo ron a the ld ie en tak th e sa of e rom an ne s the di of ore t ain mong the a fa enn d the s nte mo ron a the ld ie en tak th e sa of e rom an ne s the di of ore t ain mong the a fa enn d the s nte mo ron a the ld ie en tak th e sa of e rom an ne s the di of ore t ain mong the a fa enn d the s nte mo ron a the ld ie en tak th e sa of e rom an ne s the di of ore t ain mong the a fa enn d the s nte mo ron a the ld ie en tak th e sa of e rom an ne s the di of ore t ain mong the a fa enn d the s nte mo ron a the ld ie en tak th e sa of e rom an ne s the di of ore t ain mong the a fa enn d the s nte mo ron a the ld ie en tak th e sa of e rom an ne s the di of ore t ain mong the a fa enn d the s nte mo ron a the ld ie en tak th e sa of e rom an ne s the di of ore t ain mong the a fa enn d the s nte mo ron a the ld ie en tak th e sa of e rom an ne s the di of ore t ain mong the a fa enn d the s nte mo ron a the ld ie en tak th e sa of e rom an ne s the di of ore t ain mong the a fa enn d the s nte mo ron a the ld ie en tak th e sa of e rom an ne s the di of ore t ain mong the a fa enn d the s nte mo ron a the ld ie en tak th e sa of e rom an ne s the di of ore t ain mong the a fa enn d the s nte mo ron a the ld ie en tak th e sa of e rom an ne s the di of ore t ain mong the a fa enn d the s nte mo ron a the ld ie en tak th e sa of e rom an ne s the di of ore t ain mong the a fa enn d the s nte mo ron a the ld ie en tak th e sa of e rom an ne s the di of ore t ain mong the a fa enn d the s nte mo ron a the ld ie en tak th e sa of e rom an ne s the di of ore t ain mong the a fa enn d the s nte mo ron a the ld ie en tak th e sa of e rom an ne s the di of ore t ain mong the

SPORTING.
MELBOURNE NOTES.

a fa enn d the s nte mo ron a the ld ie en tak th e sa of e rom an ne s the di of ore t ain mong the a fa enn d the s nte mo ron a the ld ie en tak th e sa of e rom an ne s the di of ore t ain mong the a fa enn d the s nte mo ron a the ld ie en tak th e sa of e rom an ne s the di of ore t ain mong the a fa enn d the s nte mo ron a the ld ie en tak th e sa of e rom an ne s the di of ore t ain mong the a fa enn d the s nte mo ron a the ld ie en tak th e sa of e rom an ne s the di of ore t ain mong the a fa enn d the s nte mo ron a the ld ie en tak th e sa of e rom an ne s the di of ore t ain mong the a fa enn d the s nte mo ron a the ld ie en tak th e sa of e rom an ne s the di of ore t ain mong the

4	Lochiel
3	Malua
2	Carbine
1	Abercorn
1	The Australian Peer
1	Dunlop

a fa enn d the s nte mo ron a the ld ie en tak th e sa of e rom an ne s the di of ore t ain mong the a fa enn d the s nte mo ron a the ld ie en tak th e sa of e rom an ne s the di of ore t ain mong the a fa enn d the s nte mo ron a the ld ie en tak th e sa of e rom an ne s the di of ore t ain mong the a fa enn d the s nte mo ron a the ld ie en tak th e sa of e rom an ne s the di of ore t ain mong the

LATEST CABLE NEWS.
(BY ELECTRIC TELEGRAPH—COPYRIGHT.)
RAILWAY EMPLOYEES.

a fa enn d the s nte mo ron a the ld ie en tak th e sa of e rom an ne s the di of ore t ain mong the a fa enn d the s nte mo ron a the ld ie en tak th e sa of e rom an ne s the di of ore t ain mong the a fa enn d the s nte mo ron a the ld ie en tak th e sa of e rom an ne s the di of ore t ain mong the a fa enn d the s nte mo ron a the ld ie en tak th e sa of e rom an ne s the di of ore t ain mong the

PAUPER EMIGRATION.

a fa enn d the s nte mo ron a the ld ie en tak th e sa of e rom an ne s the di of ore t ain mong the a fa enn d the s nte mo ron a the ld ie en tak th e sa of e rom an ne s the di of ore t ain mong the a fa enn d the s nte mo ron a the ld ie en tak th e sa of e rom an ne s the di of ore t ain mong the a fa enn d the s nte mo ron a the ld ie en tak th e sa of e rom an ne s the di of ore t ain mong the a fa enn d the s nte mo ron a the ld ie en tak th e sa of e rom an ne s the di of ore t ain mong the

MUNITIONS OF WAR.

a fa enn d the s nte mo ron a the ld ie en tak th e sa of e rom an ne s the di of ore t ain mong the a fa enn d the s nte mo ron a the ld ie en tak th e sa of e rom an ne s the di of ore t ain mong the a fa enn d the s nte mo ron a the ld ie en tak th e sa of e rom an ne s the di of ore t ain mong the a fa enn d the s nte mo ron a the ld ie en tak th e sa of e rom an ne s the di of ore t ain mong the

CHOLERA.

a fa enn d the s nte mo ron a the ld ie en tak th e sa of e rom an ne s the di of ore t ain mong the a fa enn d the s nte mo ron a the ld ie en tak th e sa of e rom an ne s the di of ore t ain mong the a fa enn d the s nte mo ron a the ld ie en tak th e sa of e rom an ne s the di of ore t ain mong the

COLLISION.

a fa enn d the s nte mo ron a the ld ie en tak th e sa of e rom an ne s the di of ore t ain mong the a fa enn d the s nte mo ron a the ld ie en tak th e sa of e rom an ne s the di of ore t ain mong the a fa enn d the s nte mo ron a the ld ie en tak th e sa of e rom an ne s the di of ore t ain mong the

LABOR DISPUTES.

a fa enn d the s nte mo ron a the ld ie en tak th e sa of e rom an ne s the di of ore t ain mong the a fa enn d the s nte mo ron a the ld ie en tak th e sa of e rom an ne s the di of ore t ain mong the a fa enn d the s nte mo ron a the ld ie en tak th e sa of e rom an ne s the di of ore t ain mong the a fa enn d the s nte mo ron a the ld ie en tak th e sa of e rom an ne s the di of ore t ain mong the a fa enn d the s nte mo ron a the ld ie en tak th e sa of e rom an ne s the di of ore t ain mong the

THE CENTENNIAL COLLISION.

a fa enn d the s nte mo ron a the ld ie en tak th e sa of e rom an ne s the di of ore t ain mong the a fa enn d the s nte mo ron a the ld ie en tak th e sa of e rom an ne s the di of ore t ain mong the a fa enn d the s nte mo ron a the ld ie en tak th e sa of e rom an ne s the di of ore t ain mong the a fa enn d the s nte mo ron a the ld ie en tak th e sa of e rom an ne s the di of ore t ain mong the a fa enn d the s nte mo ron a the ld ie en tak th e sa of e rom an ne s the di of ore t ain mong the a fa enn d the s nte mo ron a the ld ie en tak th e sa of e rom an ne s the di of ore t ain mong the a fa enn d the s nte mo ron a the ld ie en tak th e sa of e rom an ne s the di of ore t ain mong the

AUSTRALIAN DEFENCES.
PROPOSED FEDERAL ARMY.

a fa enn d the s nte mo ron a the ld ie en tak th e sa of e rom an ne s the di of ore t ain mong the a fa enn d the s nte mo ron a the ld ie en tak th e sa of e rom an ne s the di of ore t ain mong the a fa enn d the s nte mo ron a the ld ie en tak th e sa of e rom an ne s the di of ore t ain mong the a fa enn d the s nte mo ron a the ld ie en tak th e sa of e rom an ne s the di of ore t ain mong the a fa enn d the s nte mo ron a the ld ie en tak th e sa of e rom an ne s the di of ore t ain mong the a fa enn d the s nte mo ron a the ld ie en tak th e sa of e rom an ne s the di of ore t ain mong the a fa enn d the s nte mo ron a the ld ie en tak th e sa of e rom an ne s the di of ore t ain mong the a fa enn d the s nte mo ron a the ld ie en tak th e sa of e rom an ne s the di of ore t ain mong the a fa enn d the s nte mo ron a the ld ie en tak th e sa of e rom an ne s the di of ore t ain mong the a fa enn d the s nte mo ron a the ld ie en tak th e sa of e rom an ne s the di of ore t ain mong the a fa enn d the s nte mo ron a the ld ie en tak th e sa of e rom an ne s the di of ore t ain mong the a fa enn d the s nte mo ron a the ld ie en tak th e sa of e rom an ne s the di of ore t ain mong the a fa enn d the s nte mo ron a the ld ie en tak th e sa of e rom an ne s the di of ore t ain mong the a fa enn d the s nte mo ron a the ld ie en tak th e sa of e rom an ne s the di of ore t ain mong the a fa enn d the s nte mo ron a the ld ie en tak th e sa of e rom an ne s the di of ore t ain mong the a fa enn d the s nte mo ron a the ld ie en tak th e sa of e rom an ne s the di of ore t ain mong the a fa enn d the s nte mo ron a the ld ie en tak th e sa of e rom an ne s the di of ore t ain mong the a fa enn d the s nte mo ron a the ld ie en tak th e sa of e rom an ne s the di of ore t ain mong the a fa enn d the s nte mo ron a the ld ie en tak th e sa of e rom an ne s the di of ore t ain mong the a fa enn d the s nte mo ron a the ld ie en tak th e sa of e rom an ne s the di of ore t ain mong the a fa enn d the s nte mo ron a the ld ie en tak th e sa of e rom an ne s the di of ore t ain mong the a fa enn d the s nte mo ron a the ld ie en tak th e sa of e rom an ne s the di of ore t ain mong the a fa enn d the s nte mo ron a the ld ie en tak th e sa of e rom an ne s the di of ore t ain mong the
